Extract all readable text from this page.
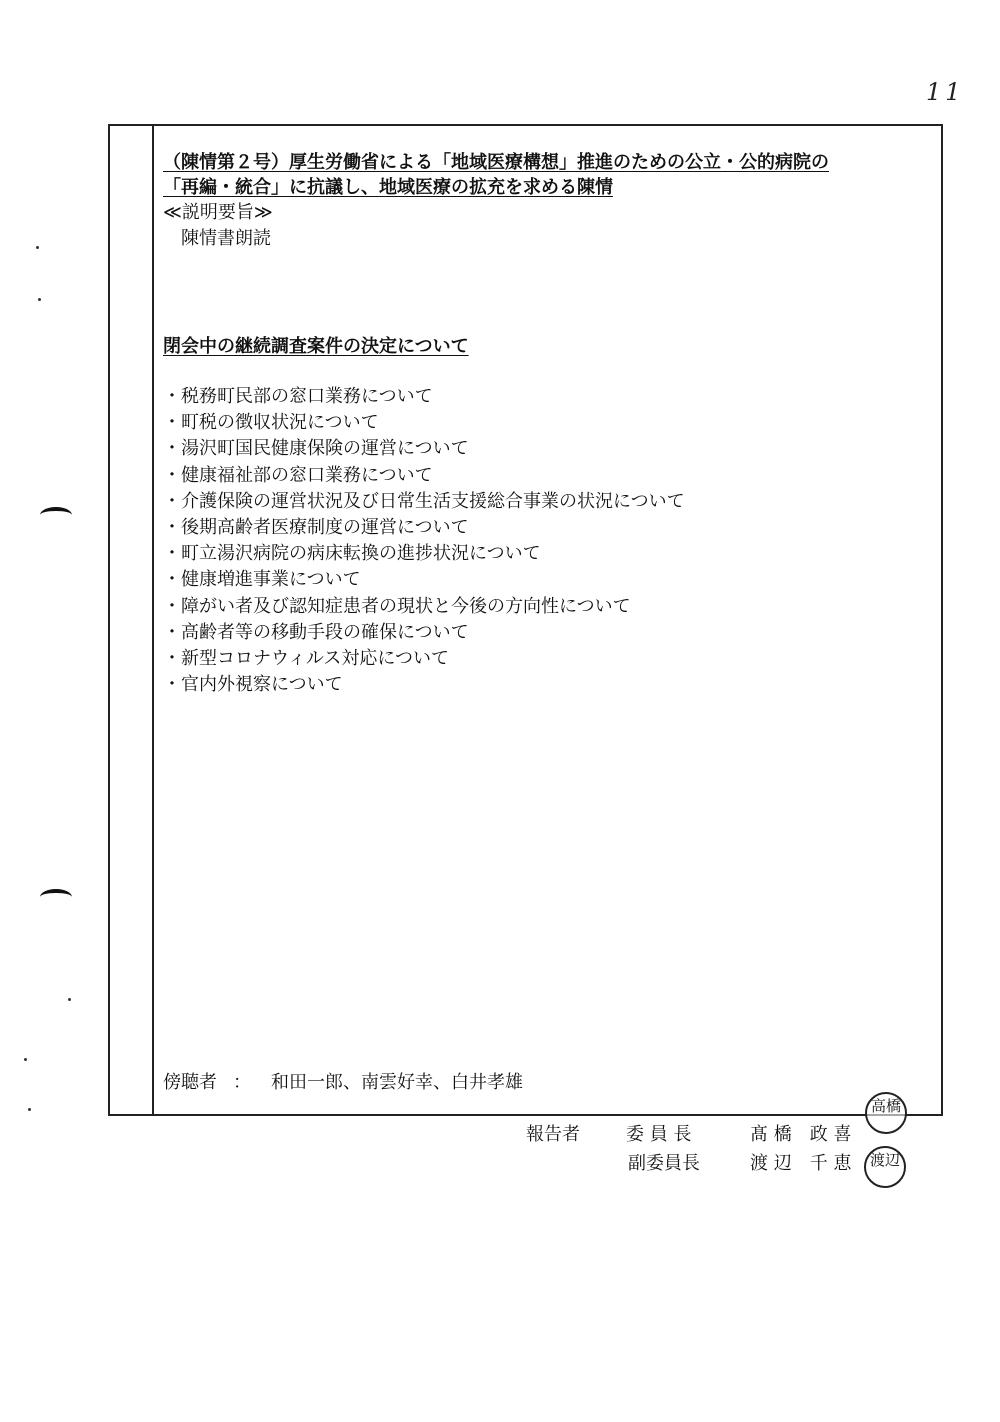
11
（陳情第２号）厚生労働省による「地域医療構想」推進のための公立・公的病院の
「再編・統合」に抗議し、地域医療の拡充を求める陳情
≪説明要旨≫
陳情書朗読
閉会中の継続調査案件の決定について
・税務町民部の窓口業務について
・町税の徴収状況について
・湯沢町国民健康保険の運営について
・健康福祉部の窓口業務について
・介護保険の運営状況及び日常生活支援総合事業の状況について
・後期高齢者医療制度の運営について
・町立湯沢病院の病床転換の進捗状況について
・健康増進事業について
・障がい者及び認知症患者の現状と今後の方向性について
・高齢者等の移動手段の確保について
・新型コロナウィルス対応について
・官内外視察について
傍聴者 ： 和田一郎、南雲好幸、白井孝雄
報告者	委 員 長	髙 橋　政 喜
副委員長	渡 辺　千 恵
高橋
渡辺
